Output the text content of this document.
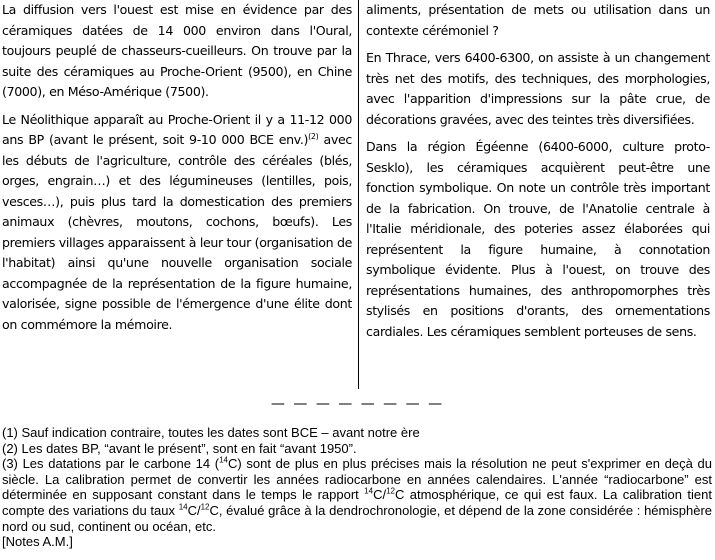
La diffusion vers l'ouest est mise en évidence par des céramiques datées de 14 000 environ dans l'Oural, toujours peuplé de chasseurs-cueilleurs. On trouve par la suite des céramiques au Proche-Orient (9500), en Chine (7000), en Méso-Amérique (7500).

Le Néolithique apparaît au Proche-Orient il y a 11-12 000 ans BP (avant le présent, soit 9-10 000 BCE env.)$^{(2)}$ avec les débuts de l'agriculture, contrôle des céréales (blés, orges, engrain…) et des légumineuses (lentilles, pois, vesces…), puis plus tard la domestication des premiers animaux (chèvres, moutons, cochons, bœufs). Les premiers villages apparaissent à leur tour (organisation de l'habitat) ainsi qu'une nouvelle organisation sociale accompagnée de la représentation de la figure humaine, valorisée, signe possible de l'émergence d'une élite dont on commémore la mémoire.

aliments, présentation de mets ou utilisation dans un contexte cérémoniel ?

En Thrace, vers 6400-6300, on assiste à un changement très net des motifs, des techniques, des morphologies, avec l'apparition d'impressions sur la pâte crue, de décorations gravées, avec des teintes très diversifiées.

Dans la région Égéenne (6400-6000, culture proto-Sesklo), les céramiques acquièrent peut-être une fonction symbolique. On note un contrôle très important de la fabrication. On trouve, de l'Anatolie centrale à l'Italie méridionale, des poteries assez élaborées qui représentent la figure humaine, à connotation symbolique évidente. Plus à l'ouest, on trouve des représentations humaines, des anthropomorphes très stylisés en positions d'orants, des ornementations cardiales. Les céramiques semblent porteuses de sens.

— — — — — — — —

(1) Sauf indication contraire, toutes les dates sont BCE – avant notre ère

(2) Les dates BP, “avant le présent”, sont en fait “avant 1950”.

(3) Les datations par le carbone 14 ($^{14}$C) sont de plus en plus précises mais la résolution ne peut s'exprimer en deçà du siècle. La calibration permet de convertir les années radiocarbone en années calendaires. L'année “radiocarbone” est déterminée en supposant constant dans le temps le rapport $^{14}$C/$^{12}$C atmosphérique, ce qui est faux. La calibration tient compte des variations du taux $^{14}$C/$^{12}$C, évalué grâce à la dendrochronologie, et dépend de la zone considérée : hémisphère nord ou sud, continent ou océan, etc.

[Notes A.M.]
